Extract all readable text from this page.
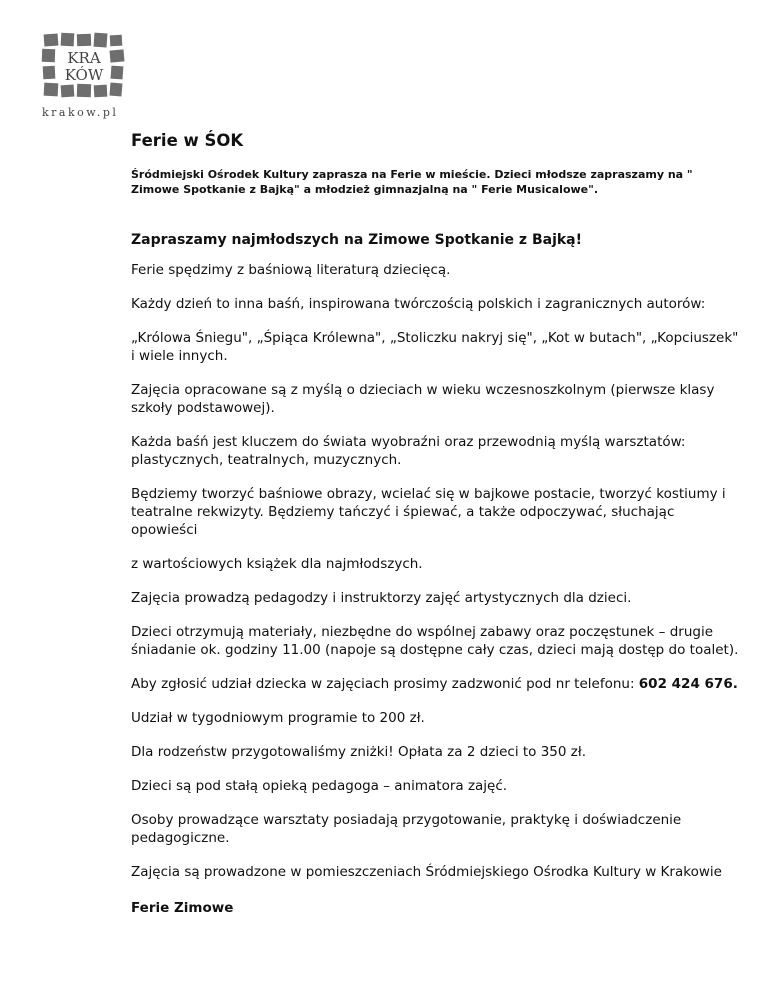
KRA
KÓW
krakow.pl
Ferie w ŚOK

Śródmiejski Ośrodek Kultury zaprasza na Ferie w mieście. Dzieci młodsze zapraszamy na " Zimowe Spotkanie z Bajką" a młodzież gimnazjalną na " Ferie Musicalowe".

Zapraszamy najmłodszych na Zimowe Spotkanie z Bajką!

Ferie spędzimy z baśniową literaturą dziecięcą.

Każdy dzień to inna baśń, inspirowana twórczością polskich i zagranicznych autorów:

„Królowa Śniegu", „Śpiąca Królewna", „Stoliczku nakryj się", „Kot w butach", „Kopciuszek" i wiele innych.

Zajęcia opracowane są z myślą o dzieciach w wieku wczesnoszkolnym (pierwsze klasy szkoły podstawowej).

Każda baśń jest kluczem do świata wyobraźni oraz przewodnią myślą warsztatów: plastycznych, teatralnych, muzycznych.

Będziemy tworzyć baśniowe obrazy, wcielać się w bajkowe postacie, tworzyć kostiumy i teatralne rekwizyty. Będziemy tańczyć i śpiewać, a także odpoczywać, słuchając opowieści

z wartościowych książek dla najmłodszych.

Zajęcia prowadzą pedagodzy i instruktorzy zajęć artystycznych dla dzieci.

Dzieci otrzymują materiały, niezbędne do wspólnej zabawy oraz poczęstunek – drugie śniadanie ok. godziny 11.00 (napoje są dostępne cały czas, dzieci mają dostęp do toalet).

Aby zgłosić udział dziecka w zajęciach prosimy zadzwonić pod nr telefonu: 602 424 676.

Udział w tygodniowym programie to 200 zł.

Dla rodzeństw przygotowaliśmy zniżki! Opłata za 2 dzieci to 350 zł.

Dzieci są pod stałą opieką pedagoga – animatora zajęć.

Osoby prowadzące warsztaty posiadają przygotowanie, praktykę i doświadczenie pedagogiczne.

Zajęcia są prowadzone w pomieszczeniach Śródmiejskiego Ośrodka Kultury w Krakowie

Ferie Zimowe
